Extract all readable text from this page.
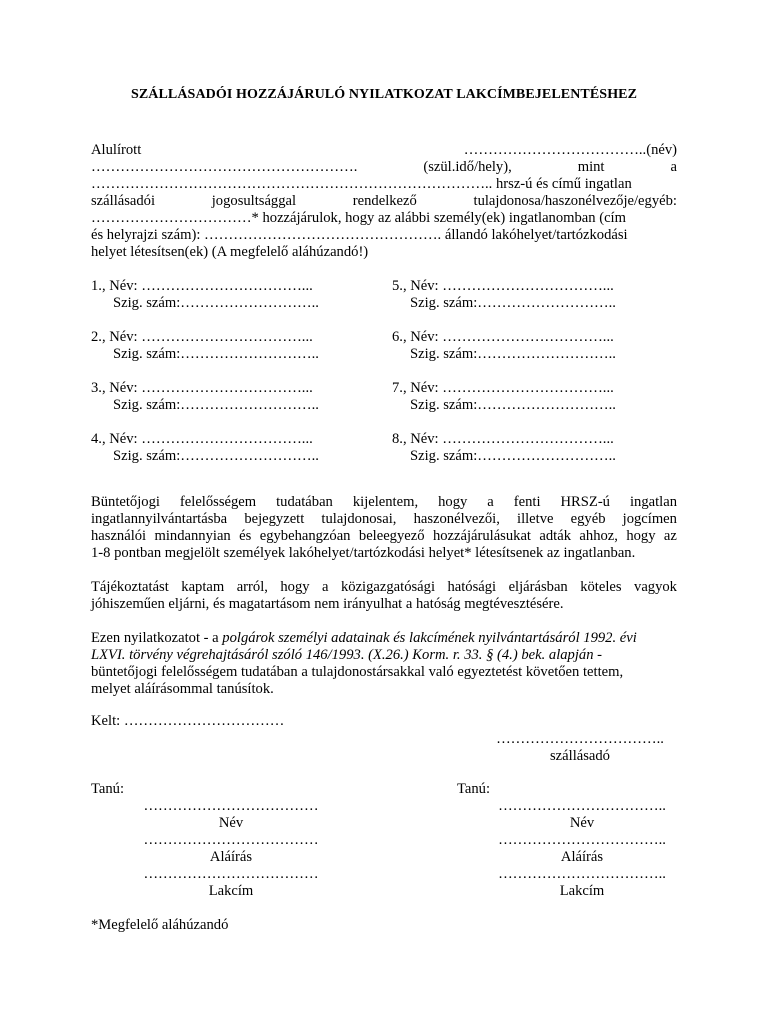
SZÁLLÁSADÓI HOZZÁJÁRULÓ NYILATKOZAT LAKCÍMBEJELENTÉSHEZ
Alulírott	………………………………..(név)
……………………………………………….	(szül.idő/hely),	mint	a
……………………………………………………………………….. hrsz-ú és című ingatlan
szállásadói	jogosultsággal	rendelkező	tulajdonosa/haszonélvezője/egyéb:
……………………………* hozzájárulok, hogy az alábbi személy(ek) ingatlanomban (cím
és helyrajzi szám): …………………………………………. állandó lakóhelyet/tartózkodási
helyet létesítsen(ek) (A megfelelő aláhúzandó!)
1., Név: ……………………………...
Szig. szám:………………………..
2., Név: ……………………………...
Szig. szám:………………………..
3., Név: ……………………………...
Szig. szám:………………………..
4., Név: ……………………………...
Szig. szám:………………………..
5., Név: ……………………………...
Szig. szám:………………………..
6., Név: ……………………………...
Szig. szám:………………………..
7., Név: ……………………………...
Szig. szám:………………………..
8., Név: ……………………………...
Szig. szám:………………………..
Büntetőjogi felelősségem tudatában kijelentem, hogy a fenti HRSZ-ú ingatlan
ingatlannyilvántartásba bejegyzett tulajdonosai, haszonélvezői, illetve egyéb jogcímen
használói mindannyian és egybehangzóan beleegyező hozzájárulásukat adták ahhoz, hogy az
1-8 pontban megjelölt személyek lakóhelyet/tartózkodási helyet* létesítsenek az ingatlanban.
Tájékoztatást kaptam arról, hogy a közigazgatósági hatósági eljárásban köteles vagyok
jóhiszeműen eljárni, és magatartásom nem irányulhat a hatóság megtévesztésére.
Ezen nyilatkozatot - a polgárok személyi adatainak és lakcímének nyilvántartásáról 1992. évi
LXVI. törvény végrehajtásáról szóló 146/1993. (X.26.) Korm. r. 33. § (4.) bek. alapján -
büntetőjogi felelősségem tudatában a tulajdonostársakkal való egyeztetést követően tettem,
melyet aláírásommal tanúsítok.
Kelt: ……………………………
……………………………..
szállásadó
Tanú:
………………………………
Név
………………………………
Aláírás
………………………………
Lakcím
Tanú:
……………………………..
Név
……………………………..
Aláírás
……………………………..
Lakcím
*Megfelelő aláhúzandó
